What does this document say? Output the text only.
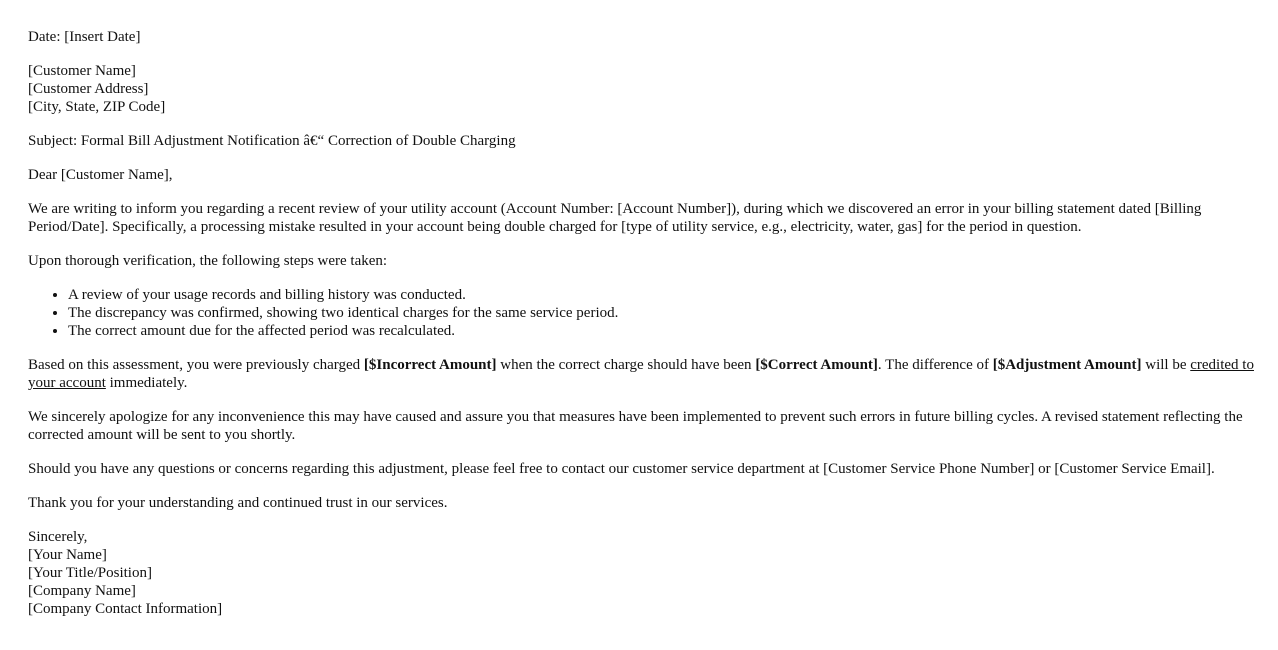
Date: [Insert Date]

[Customer Name]

[Customer Address]

[City, State, ZIP Code]

Subject: Formal Bill Adjustment Notification â€“ Correction of Double Charging

Dear [Customer Name],

We are writing to inform you regarding a recent review of your utility account (Account Number: [Account Number]), during which we discovered an error in your billing statement dated [Billing Period/Date]. Specifically, a processing mistake resulted in your account being double charged for [type of utility service, e.g., electricity, water, gas] for the period in question.

Upon thorough verification, the following steps were taken:

• A review of your usage records and billing history was conducted.
• The discrepancy was confirmed, showing two identical charges for the same service period.
• The correct amount due for the affected period was recalculated.

Based on this assessment, you were previously charged [$Incorrect Amount] when the correct charge should have been [$Correct Amount]. The difference of [$Adjustment Amount] will be credited to your account immediately.

We sincerely apologize for any inconvenience this may have caused and assure you that measures have been implemented to prevent such errors in future billing cycles. A revised statement reflecting the corrected amount will be sent to you shortly.

Should you have any questions or concerns regarding this adjustment, please feel free to contact our customer service department at [Customer Service Phone Number] or [Customer Service Email].

Thank you for your understanding and continued trust in our services.

Sincerely,

[Your Name]

[Your Title/Position]

[Company Name]

[Company Contact Information]
